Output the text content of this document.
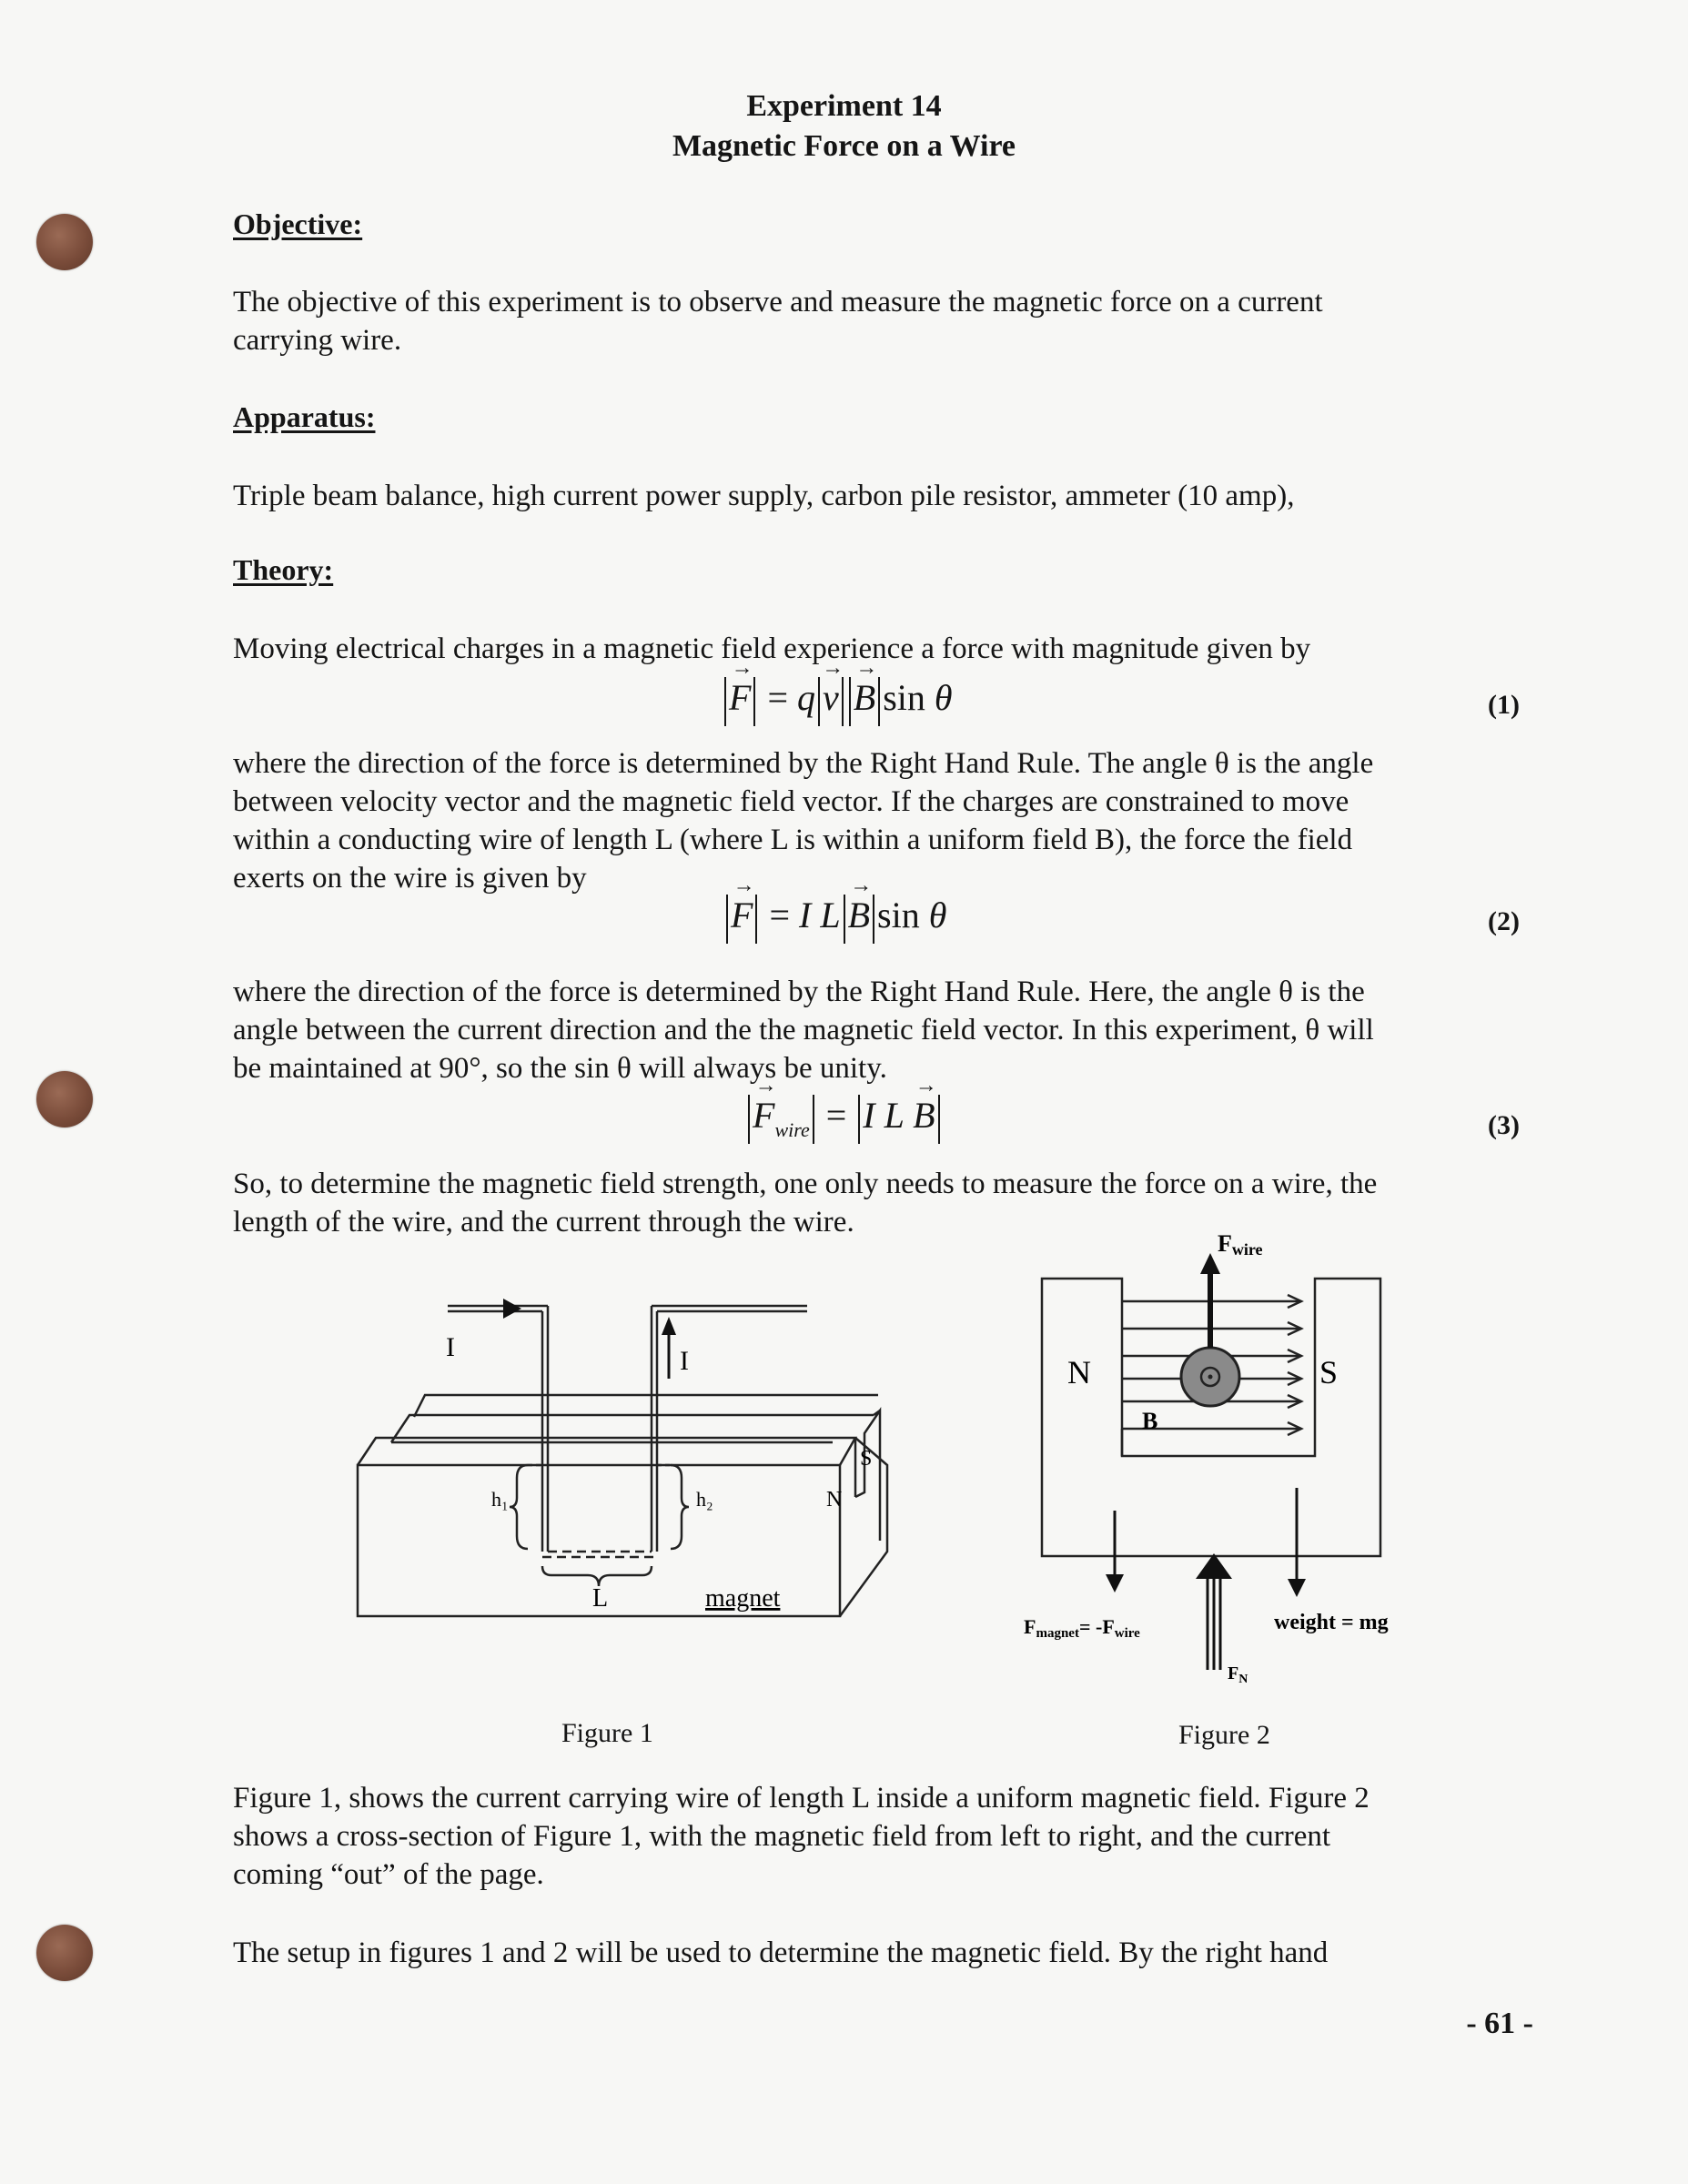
Experiment 14
Magnetic Force on a Wire
Objective:
The objective of this experiment is to observe and measure the magnetic force on a current
carrying wire.
Apparatus:
Triple beam balance, high current power supply, carbon pile resistor, ammeter (10 amp),
Theory:
Moving electrical charges in a magnetic field experience a force with magnitude given by
→ F = q → v → B sin θ	(1)
where the direction of the force is determined by the Right Hand Rule. The angle θ is the angle
between velocity vector and the magnetic field vector. If the charges are constrained to move
within a conducting wire of length L (where L is within a uniform field B), the force the field
exerts on the wire is given by
→ F = I L → B sin θ	(2)
where the direction of the force is determined by the Right Hand Rule. Here, the angle θ is the
angle between the current direction and the the magnetic field vector. In this experiment, θ will
be maintained at 90°, so the sin θ will always be unity.
→ $F_{wire} = I$ L → B	(3)
So, to determine the magnetic field strength, one only needs to measure the force on a wire, the
length of the wire, and the current through the wire.
I	I
h₁	h₂
L	magnet
S
N
Fwire
N	S
B
Fmagnet= -Fwire	weight = mg
$F_N$
Figure 1	Figure 2
Figure 1, shows the current carrying wire of length L inside a uniform magnetic field. Figure 2
shows a cross-section of Figure 1, with the magnetic field from left to right, and the current
coming “out” of the page.
The setup in figures 1 and 2 will be used to determine the magnetic field. By the right hand
- 61 -
